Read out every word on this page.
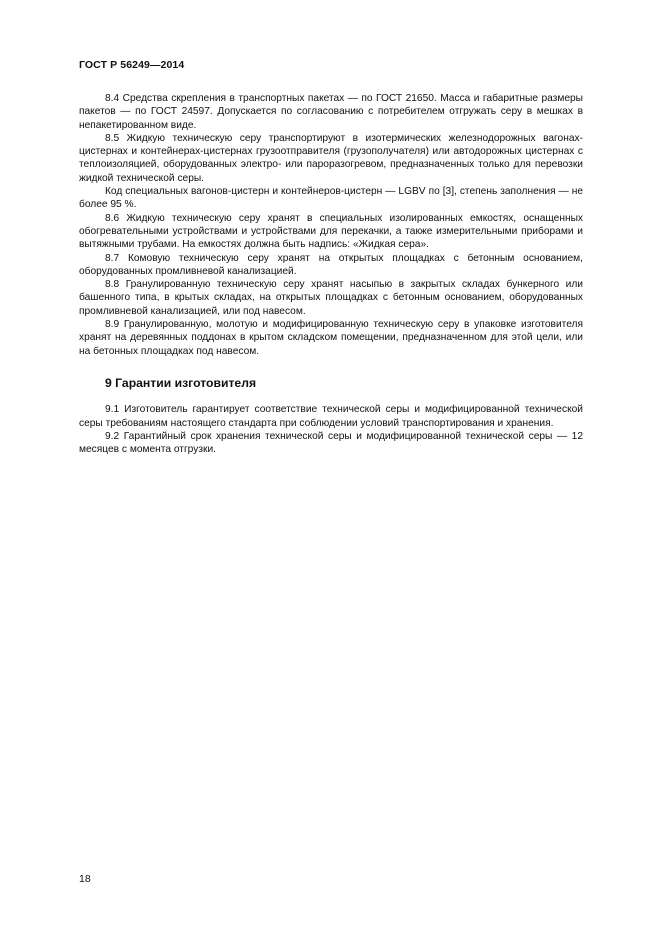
ГОСТ Р 56249—2014

8.4 Средства скрепления в транспортных пакетах — по ГОСТ 21650. Масса и габаритные размеры пакетов — по ГОСТ 24597. Допускается по согласованию с потребителем отгружать серу в мешках в непакетированном виде.

8.5 Жидкую техническую серу транспортируют в изотермических железнодорожных вагонах-цистернах и контейнерах-цистернах грузоотправителя (грузополучателя) или автодорожных цистернах с теплоизоляцией, оборудованных электро- или пароразогревом, предназначенных только для перевозки жидкой технической серы.

Код специальных вагонов-цистерн и контейнеров-цистерн — LGBV по [3], степень заполнения — не более 95 %.

8.6 Жидкую техническую серу хранят в специальных изолированных емкостях, оснащенных обогревательными устройствами и устройствами для перекачки, а также измерительными приборами и вытяжными трубами. На емкостях должна быть надпись: «Жидкая сера».

8.7 Комовую техническую серу хранят на открытых площадках с бетонным основанием, оборудованных промливневой канализацией.

8.8 Гранулированную техническую серу хранят насыпью в закрытых складах бункерного или башенного типа, в крытых складах, на открытых площадках с бетонным основанием, оборудованных промливневой канализацией, или под навесом.

8.9 Гранулированную, молотую и модифицированную техническую серу в упаковке изготовителя хранят на деревянных поддонах в крытом складском помещении, предназначенном для этой цели, или на бетонных площадках под навесом.

9 Гарантии изготовителя

9.1 Изготовитель гарантирует соответствие технической серы и модифицированной технической серы требованиям настоящего стандарта при соблюдении условий транспортирования и хранения.

9.2 Гарантийный срок хранения технической серы и модифицированной технической серы — 12 месяцев с момента отгрузки.

18
